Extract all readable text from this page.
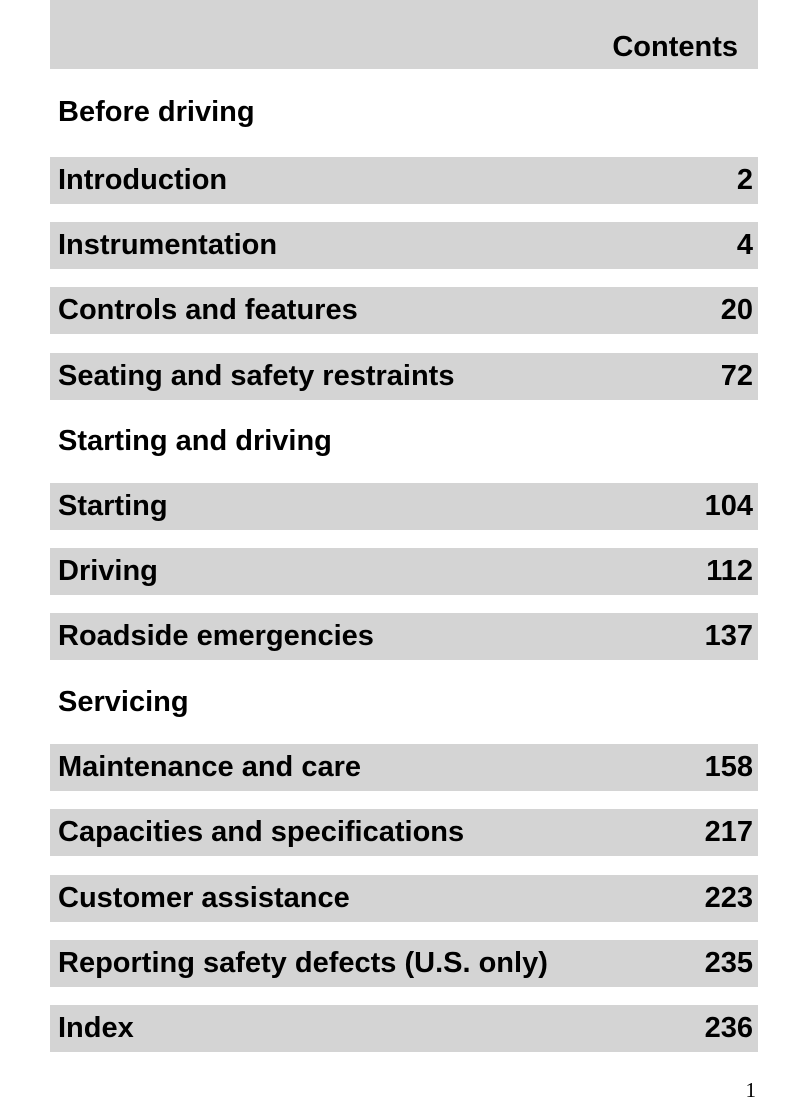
Contents
Before driving
Introduction	2
Instrumentation	4
Controls and features	20
Seating and safety restraints	72
Starting and driving
Starting	104
Driving	112
Roadside emergencies	137
Servicing
Maintenance and care	158
Capacities and specifications	217
Customer assistance	223
Reporting safety defects (U.S. only)	235
Index	236
1
